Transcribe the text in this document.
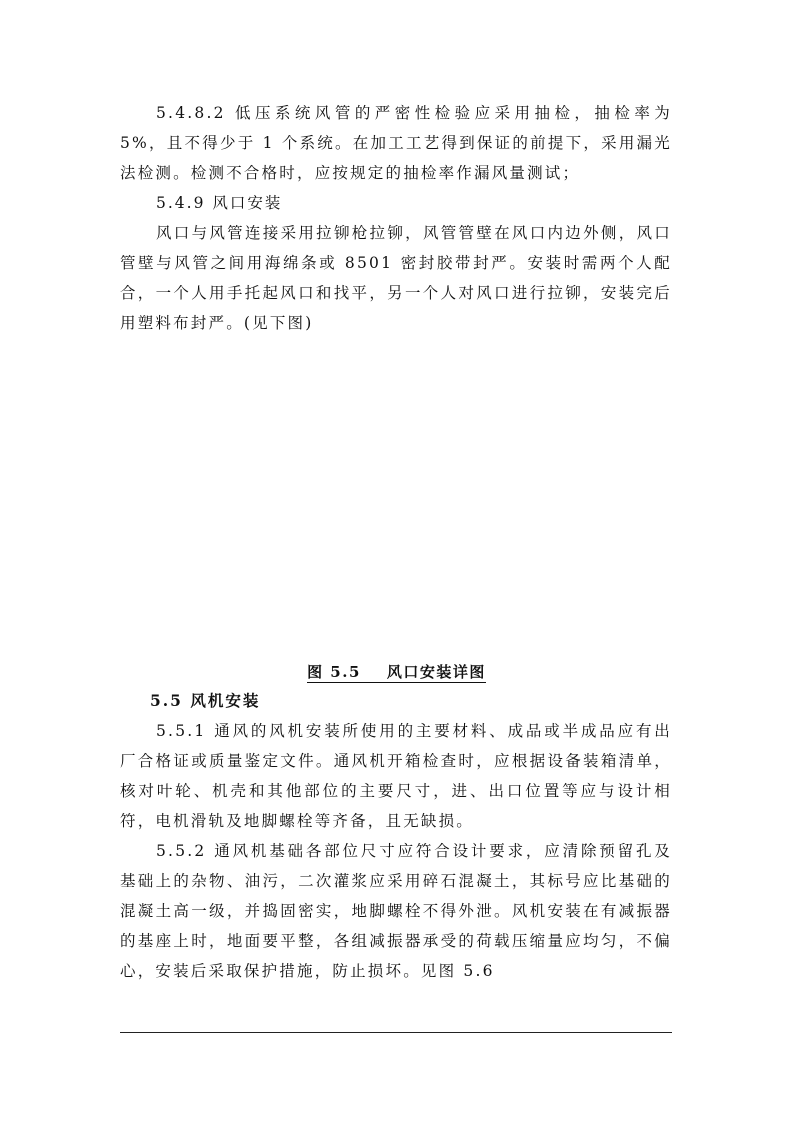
5.4.8.2 低压系统风管的严密性检验应采用抽检，抽检率为 5%，且不得少于 1 个系统。在加工工艺得到保证的前提下，采用漏光法检测。检测不合格时，应按规定的抽检率作漏风量测试；

5.4.9 风口安装

风口与风管连接采用拉铆枪拉铆，风管管壁在风口内边外侧，风口管壁与风管之间用海绵条或 8501 密封胶带封严。安装时需两个人配合，一个人用手托起风口和找平，另一个人对风口进行拉铆，安装完后用塑料布封严。(见下图)

图 5.5 风口安装详图

5.5 风机安装

5.5.1 通风的风机安装所使用的主要材料、成品或半成品应有出厂合格证或质量鉴定文件。通风机开箱检查时，应根据设备装箱清单，核对叶轮、机壳和其他部位的主要尺寸，进、出口位置等应与设计相符，电机滑轨及地脚螺栓等齐备，且无缺损。

5.5.2 通风机基础各部位尺寸应符合设计要求，应清除预留孔及基础上的杂物、油污，二次灌浆应采用碎石混凝土，其标号应比基础的混凝土高一级，并捣固密实，地脚螺栓不得外泄。风机安装在有减振器的基座上时，地面要平整，各组减振器承受的荷载压缩量应均匀，不偏心，安装后采取保护措施，防止损坏。见图 5.6
